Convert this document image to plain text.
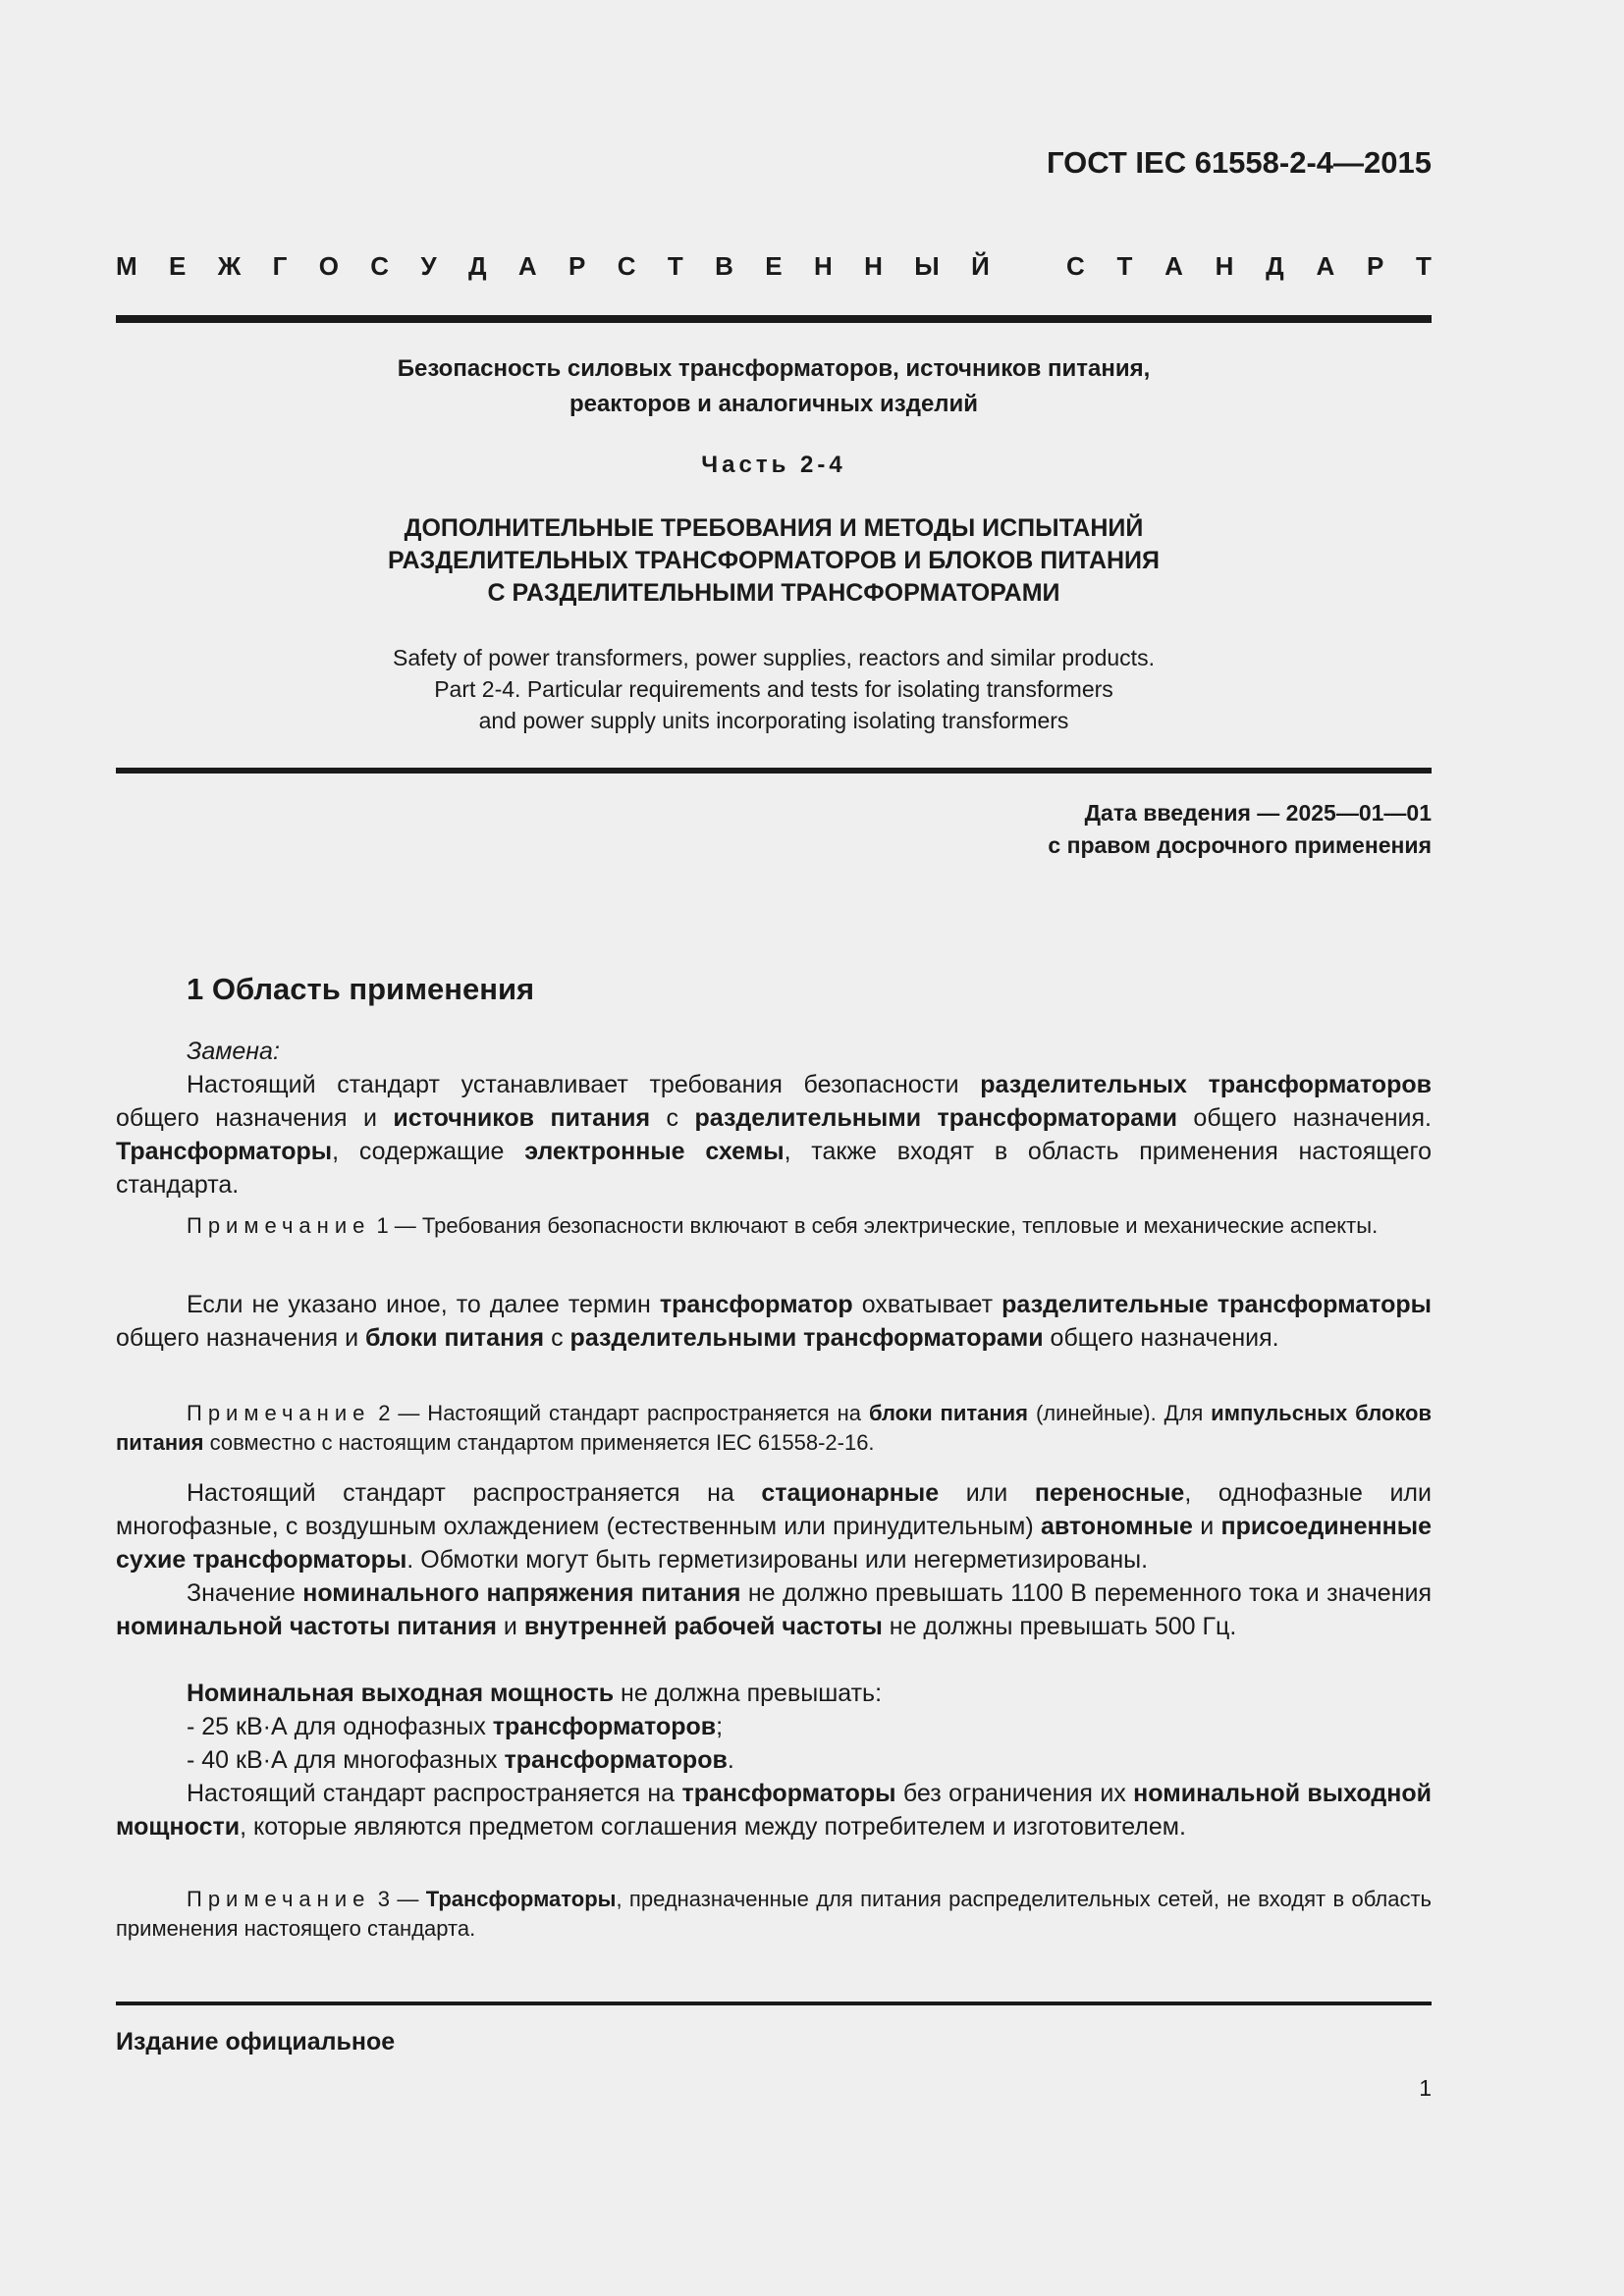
ГОСТ IEC 61558-2-4—2015
М Е Ж Г О С У Д А Р С Т В Е Н Н Ы Й	С Т А Н Д А Р Т
Безопасность силовых трансформаторов, источников питания,
реакторов и аналогичных изделий
Часть 2-4
ДОПОЛНИТЕЛЬНЫЕ ТРЕБОВАНИЯ И МЕТОДЫ ИСПЫТАНИЙ
РАЗДЕЛИТЕЛЬНЫХ ТРАНСФОРМАТОРОВ И БЛОКОВ ПИТАНИЯ
С РАЗДЕЛИТЕЛЬНЫМИ ТРАНСФОРМАТОРАМИ
Safety of power transformers, power supplies, reactors and similar products.
Part 2-4. Particular requirements and tests for isolating transformers
and power supply units incorporating isolating transformers
Дата введения — 2025—01—01
с правом досрочного применения
1 Область применения
Замена:
Настоящий стандарт устанавливает требования безопасности разделительных трансформаторов общего назначения и источников питания с разделительными трансформаторами общего назначения. Трансформаторы, содержащие электронные схемы, также входят в область применения настоящего стандарта.
Примечание 1 — Требования безопасности включают в себя электрические, тепловые и механические аспекты.
Если не указано иное, то далее термин трансформатор охватывает разделительные трансформаторы общего назначения и блоки питания с разделительными трансформаторами общего назначения.
Примечание 2 — Настоящий стандарт распространяется на блоки питания (линейные). Для импульсных блоков питания совместно с настоящим стандартом применяется IEC 61558-2-16.
Настоящий стандарт распространяется на стационарные или переносные, однофазные или многофазные, с воздушным охлаждением (естественным или принудительным) автономные и присоединенные сухие трансформаторы. Обмотки могут быть герметизированы или негерметизированы.
Значение номинального напряжения питания не должно превышать 1100 В переменного тока и значения номинальной частоты питания и внутренней рабочей частоты не должны превышать 500 Гц.
Номинальная выходная мощность не должна превышать:
- 25 кВ·А для однофазных трансформаторов;
- 40 кВ·А для многофазных трансформаторов.
Настоящий стандарт распространяется на трансформаторы без ограничения их номинальной выходной мощности, которые являются предметом соглашения между потребителем и изготовителем.
Примечание 3 — Трансформаторы, предназначенные для питания распределительных сетей, не входят в область применения настоящего стандарта.
Издание официальное
1
